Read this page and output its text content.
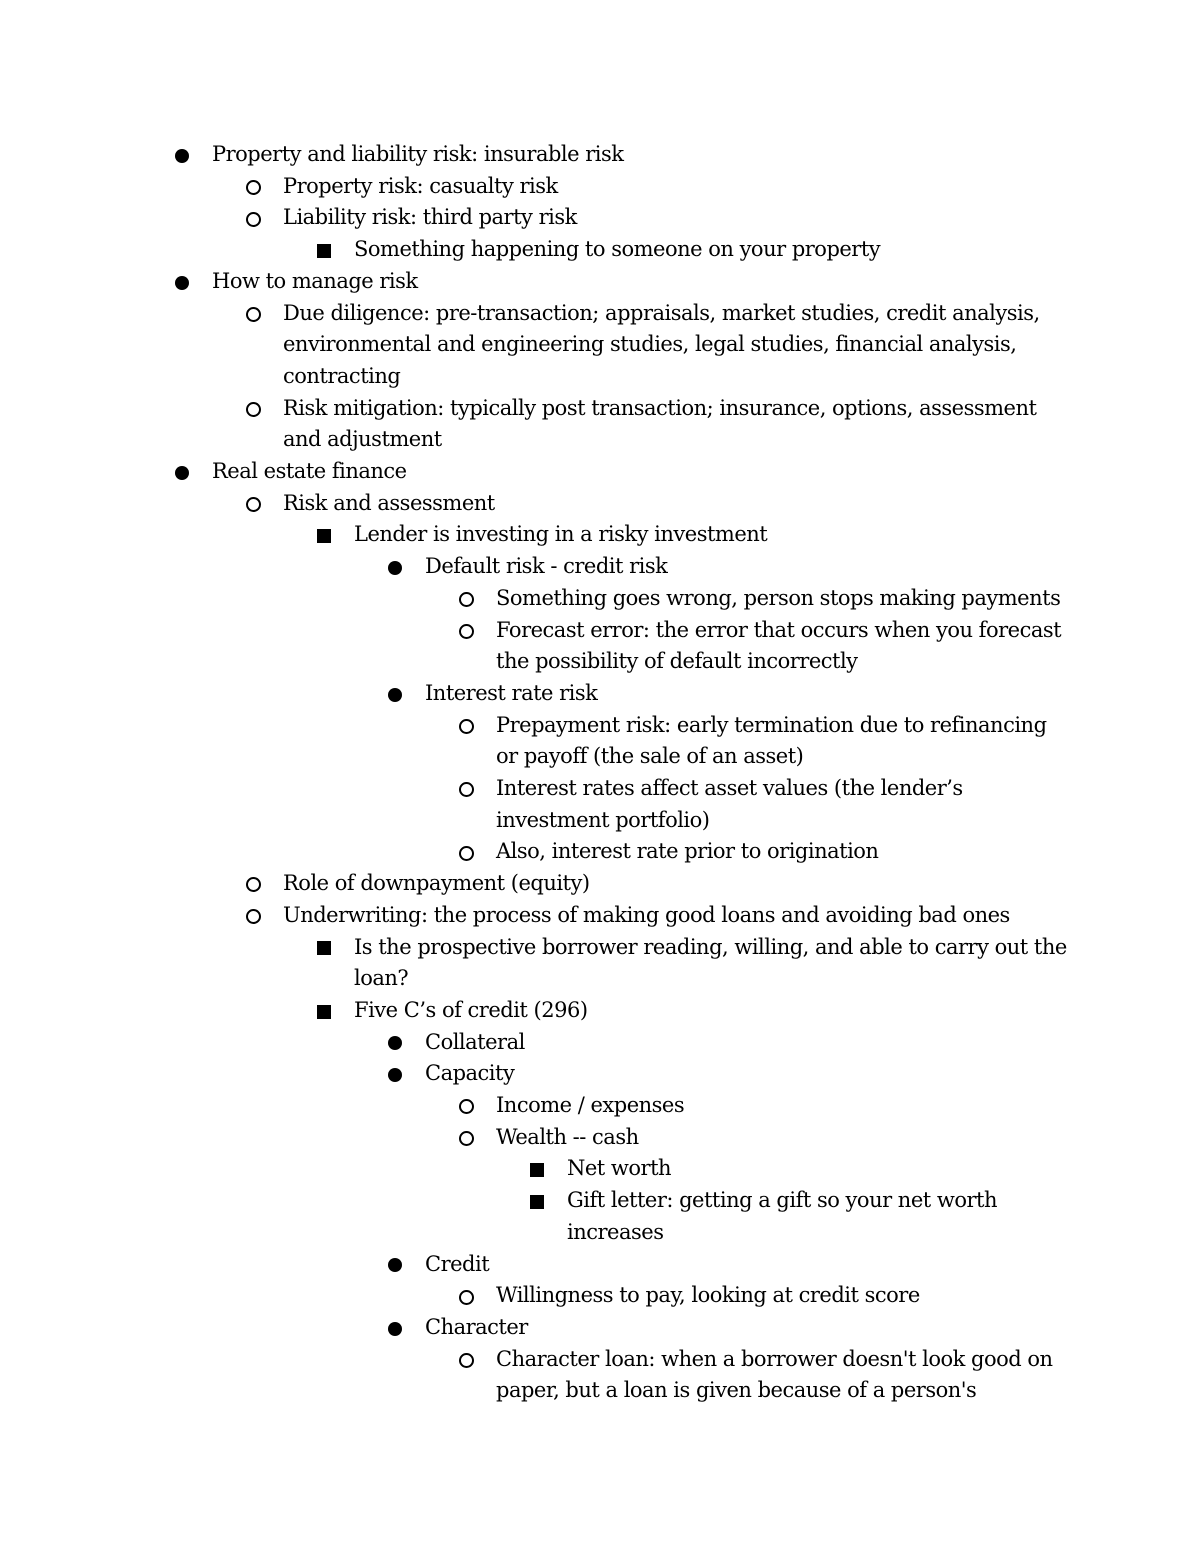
Property and liability risk: insurable risk
Property risk: casualty risk
Liability risk: third party risk
Something happening to someone on your property
How to manage risk
Due diligence: pre-transaction; appraisals, market studies, credit analysis,
environmental and engineering studies, legal studies, financial analysis,
contracting
Risk mitigation: typically post transaction; insurance, options, assessment
and adjustment
Real estate finance
Risk and assessment
Lender is investing in a risky investment
Default risk - credit risk
Something goes wrong, person stops making payments
Forecast error: the error that occurs when you forecast
the possibility of default incorrectly
Interest rate risk
Prepayment risk: early termination due to refinancing
or payoff (the sale of an asset)
Interest rates affect asset values (the lender’s
investment portfolio)
Also, interest rate prior to origination
Role of downpayment (equity)
Underwriting: the process of making good loans and avoiding bad ones
Is the prospective borrower reading, willing, and able to carry out the
loan?
Five C’s of credit (296)
Collateral
Capacity
Income / expenses
Wealth -- cash
Net worth
Gift letter: getting a gift so your net worth
increases
Credit
Willingness to pay, looking at credit score
Character
Character loan: when a borrower doesn't look good on
paper, but a loan is given because of a person's
